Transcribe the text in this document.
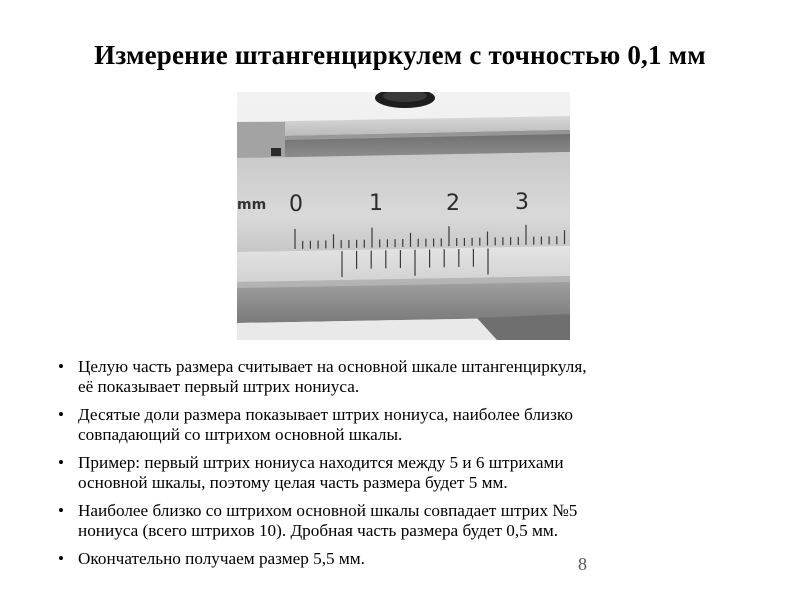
Измерение штангенциркулем с точностью 0,1 мм
mm 0	1	2	3
• Целую часть размера считывает на основной шкале штангенциркуля,
её показывает первый штрих нониуса.
• Десятые доли размера показывает штрих нониуса, наиболее близко
совпадающий со штрихом основной шкалы.
• Пример: первый штрих нониуса находится между 5 и 6 штрихами
основной шкалы, поэтому целая часть размера будет 5 мм.
• Наиболее близко со штрихом основной шкалы совпадает штрих №5
нониуса (всего штрихов 10). Дробная часть размера будет 0,5 мм.
• Окончательно получаем размер 5,5 мм.	8
